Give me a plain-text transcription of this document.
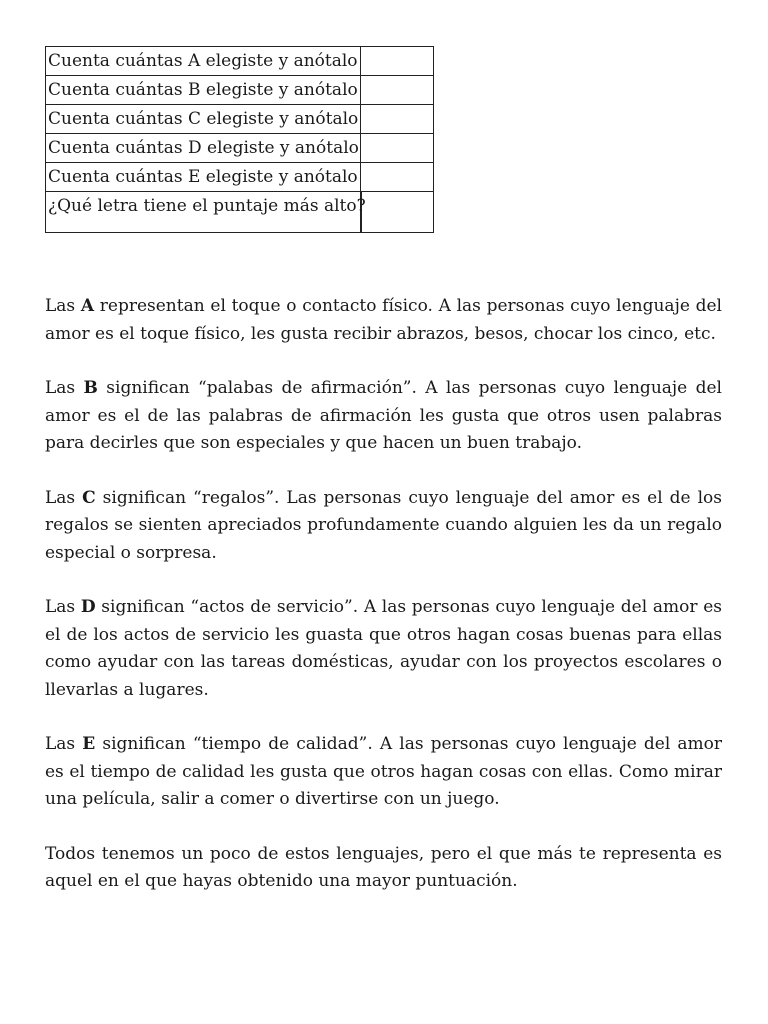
Cuenta cuántas A elegiste y anótalo	
Cuenta cuántas B elegiste y anótalo	
Cuenta cuántas C elegiste y anótalo	
Cuenta cuántas D elegiste y anótalo	
Cuenta cuántas E elegiste y anótalo	
¿Qué letra tiene el puntaje más alto?	

Las A representan el toque o contacto físico. A las personas cuyo lenguaje del amor es el toque físico, les gusta recibir abrazos, besos, chocar los cinco, etc.

Las B significan “palabas de afirmación”. A las personas cuyo lenguaje del amor es el de las palabras de afirmación les gusta que otros usen palabras para decirles que son especiales y que hacen un buen trabajo.

Las C significan “regalos”. Las personas cuyo lenguaje del amor es el de los regalos se sienten apreciados profundamente cuando alguien les da un regalo especial o sorpresa.

Las D significan “actos de servicio”. A las personas cuyo lenguaje del amor es el de los actos de servicio les guasta que otros hagan cosas buenas para ellas como ayudar con las tareas domésticas, ayudar con los proyectos escolares o llevarlas a lugares.

Las E significan “tiempo de calidad”. A las personas cuyo lenguaje del amor es el tiempo de calidad les gusta que otros hagan cosas con ellas. Como mirar una película, salir a comer o divertirse con un juego.

Todos tenemos un poco de estos lenguajes, pero el que más te representa es aquel en el que hayas obtenido una mayor puntuación.
